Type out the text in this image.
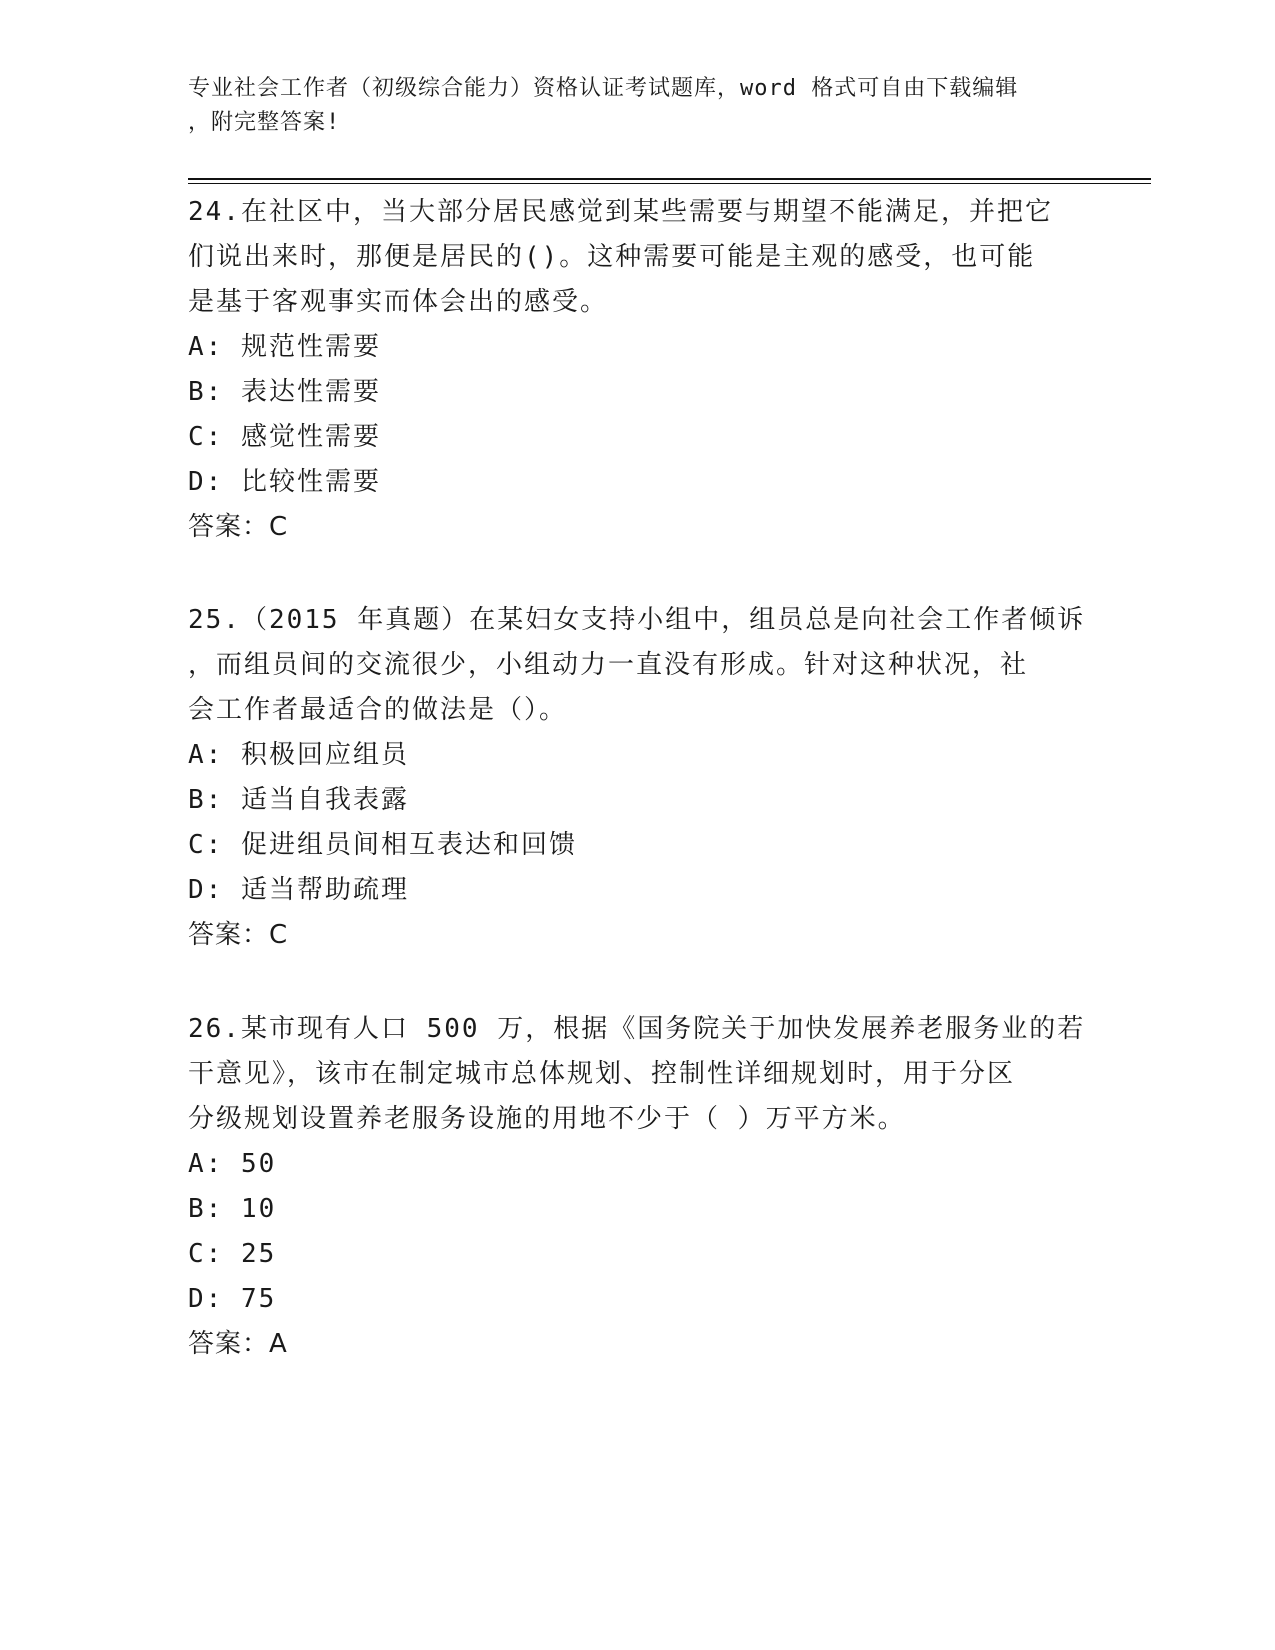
专业社会工作者（初级综合能力）资格认证考试题库，word 格式可自由下载编辑
，附完整答案!

24.在社区中，当大部分居民感觉到某些需要与期望不能满足，并把它

们说出来时，那便是居民的()。这种需要可能是主观的感受，也可能

是基于客观事实而体会出的感受。

A: 规范性需要

B: 表达性需要

C: 感觉性需要

D: 比较性需要

答案：C

25.（2015 年真题）在某妇女支持小组中，组员总是向社会工作者倾诉

，而组员间的交流很少，小组动力一直没有形成。针对这种状况，社

会工作者最适合的做法是（）。

A: 积极回应组员

B: 适当自我表露

C: 促进组员间相互表达和回馈

D: 适当帮助疏理

答案：C

26.某市现有人口 500 万，根据《国务院关于加快发展养老服务业的若

干意见》，该市在制定城市总体规划、控制性详细规划时，用于分区

分级规划设置养老服务设施的用地不少于（ ）万平方米。

A: 50

B: 10

C: 25

D: 75

答案：A
